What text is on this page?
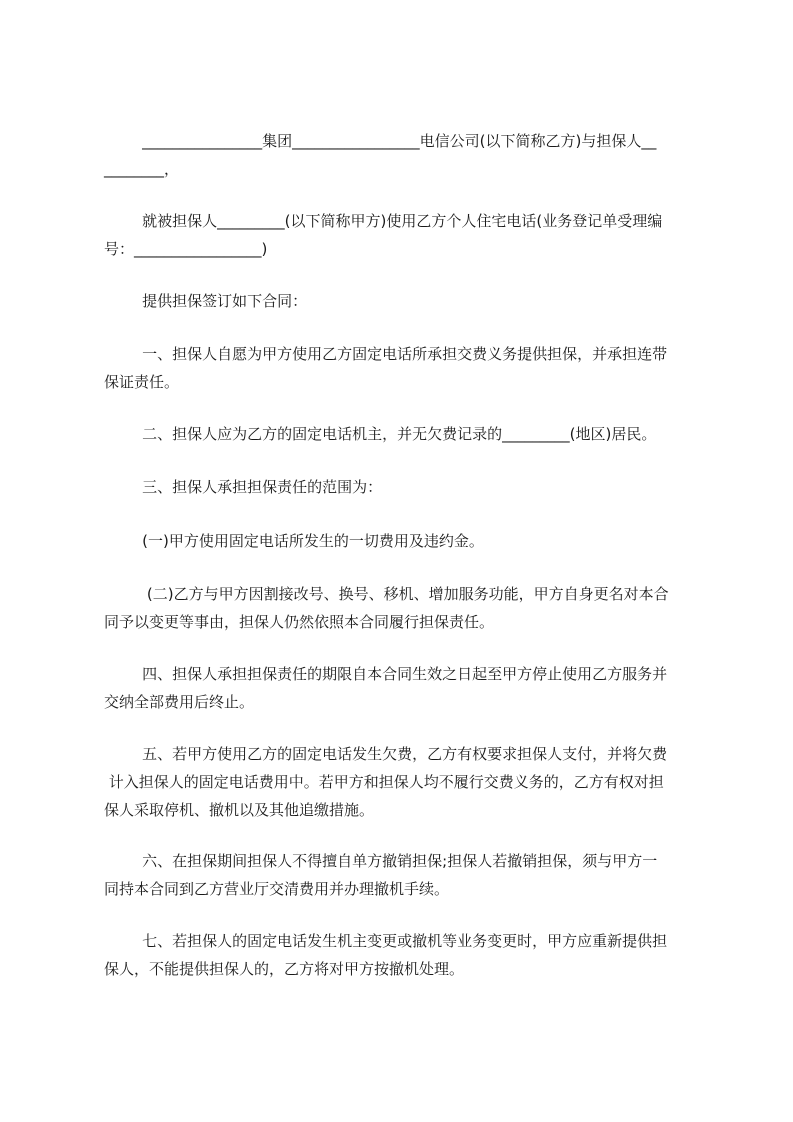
________________集团_________________电信公司(以下简称乙方)与担保人__
________，

就被担保人_________(以下简称甲方)使用乙方个人住宅电话(业务登记单受理编
号：_________________)

提供担保签订如下合同：

一、担保人自愿为甲方使用乙方固定电话所承担交费义务提供担保，并承担连带
保证责任。

二、担保人应为乙方的固定电话机主，并无欠费记录的_________(地区)居民。

三、担保人承担担保责任的范围为：

(一)甲方使用固定电话所发生的一切费用及违约金。

(二)乙方与甲方因割接改号、换号、移机、增加服务功能，甲方自身更名对本合
同予以变更等事由，担保人仍然依照本合同履行担保责任。

四、担保人承担担保责任的期限自本合同生效之日起至甲方停止使用乙方服务并
交纳全部费用后终止。

五、若甲方使用乙方的固定电话发生欠费，乙方有权要求担保人支付，并将欠费
计入担保人的固定电话费用中。若甲方和担保人均不履行交费义务的，乙方有权对担
保人采取停机、撤机以及其他追缴措施。

六、在担保期间担保人不得擅自单方撤销担保;担保人若撤销担保，须与甲方一
同持本合同到乙方营业厅交清费用并办理撤机手续。

七、若担保人的固定电话发生机主变更或撤机等业务变更时，甲方应重新提供担
保人，不能提供担保人的，乙方将对甲方按撤机处理。
